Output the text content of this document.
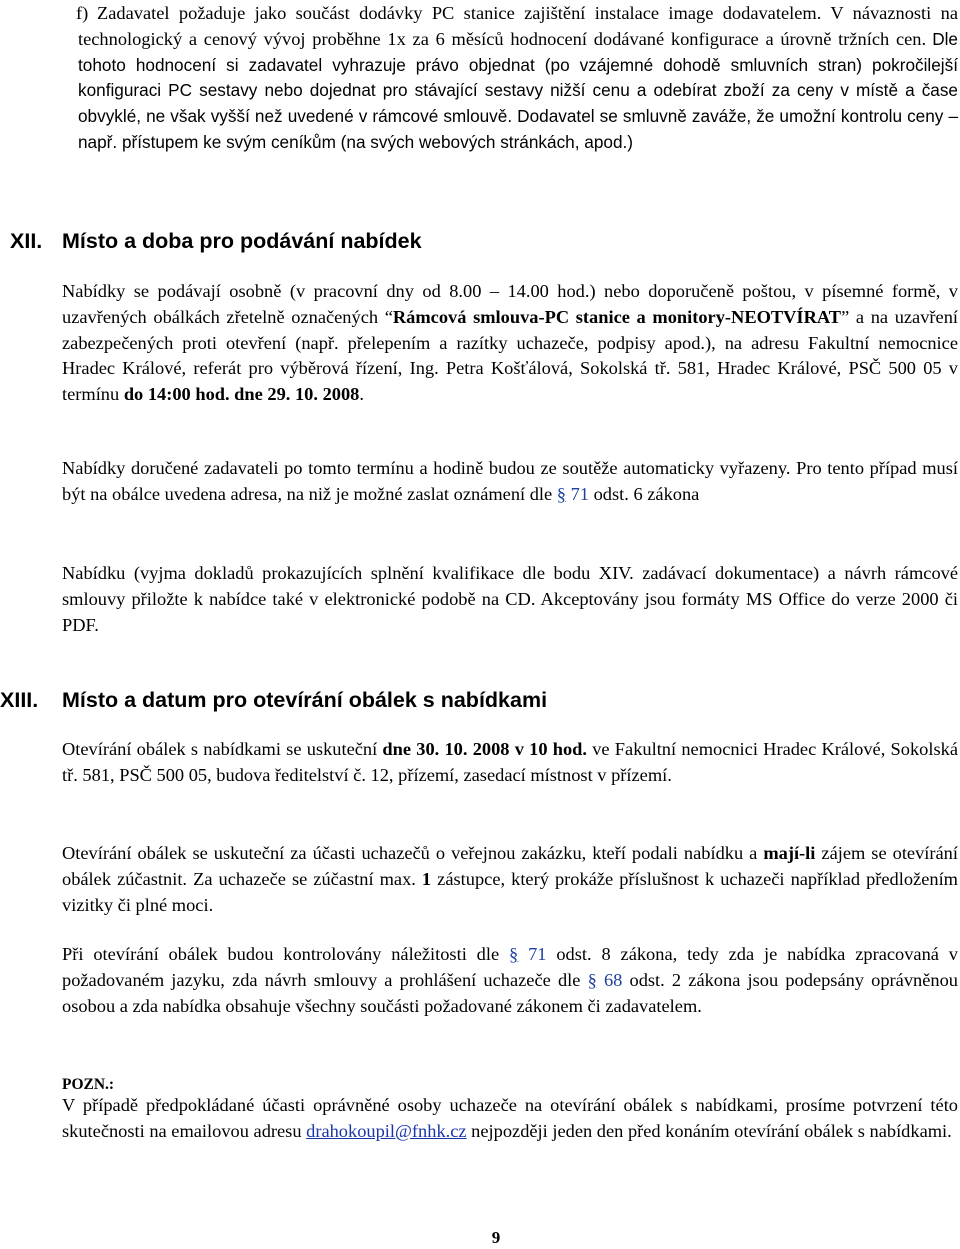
f) Zadavatel požaduje jako součást dodávky PC stanice zajištění instalace image dodavatelem. V návaznosti na technologický a cenový vývoj proběhne 1x za 6 měsíců hodnocení dodávané konfigurace a úrovně tržních cen. Dle tohoto hodnocení si zadavatel vyhrazuje právo objednat (po vzájemné dohodě smluvních stran) pokročilejší konfiguraci PC sestavy nebo dojednat pro stávající sestavy nižší cenu a odebírat zboží za ceny v místě a čase obvyklé, ne však vyšší než uvedené v rámcové smlouvě. Dodavatel se smluvně zaváže, že umožní kontrolu ceny – např. přístupem ke svým ceníkům (na svých webových stránkách, apod.)

XII. Místo a doba pro podávání nabídek

Nabídky se podávají osobně (v pracovní dny od 8.00 – 14.00 hod.) nebo doporučeně poštou, v písemné formě, v uzavřených obálkách zřetelně označených “Rámcová smlouva-PC stanice a monitory-NEOTVÍRAT” a na uzavření zabezpečených proti otevření (např. přelepením a razítky uchazeče, podpisy apod.), na adresu Fakultní nemocnice Hradec Králové, referát pro výběrová řízení, Ing. Petra Košťálová, Sokolská tř. 581, Hradec Králové, PSČ 500 05 v termínu do 14:00 hod. dne 29. 10. 2008.

Nabídky doručené zadavateli po tomto termínu a hodině budou ze soutěže automaticky vyřazeny. Pro tento případ musí být na obálce uvedena adresa, na niž je možné zaslat oznámení dle § 71 odst. 6 zákona

Nabídku (vyjma dokladů prokazujících splnění kvalifikace dle bodu XIV. zadávací dokumentace) a návrh rámcové smlouvy přiložte k nabídce také v elektronické podobě na CD. Akceptovány jsou formáty MS Office do verze 2000 či PDF.

XIII. Místo a datum pro otevírání obálek s nabídkami

Otevírání obálek s nabídkami se uskuteční dne 30. 10. 2008 v 10 hod. ve Fakultní nemocnici Hradec Králové, Sokolská tř. 581, PSČ 500 05, budova ředitelství č. 12, přízemí, zasedací místnost v přízemí.

Otevírání obálek se uskuteční za účasti uchazečů o veřejnou zakázku, kteří podali nabídku a mají-li zájem se otevírání obálek zúčastnit. Za uchazeče se zúčastní max. 1 zástupce, který prokáže příslušnost k uchazeči například předložením vizitky či plné moci.

Při otevírání obálek budou kontrolovány náležitosti dle § 71 odst. 8 zákona, tedy zda je nabídka zpracovaná v požadovaném jazyku, zda návrh smlouvy a prohlášení uchazeče dle § 68 odst. 2 zákona jsou podepsány oprávněnou osobou a zda nabídka obsahuje všechny součásti požadované zákonem či zadavatelem.

POZN.:

V případě předpokládané účasti oprávněné osoby uchazeče na otevírání obálek s nabídkami, prosíme potvrzení této skutečnosti na emailovou adresu drahokoupil@fnhk.cz nejpozději jeden den před konáním otevírání obálek s nabídkami.

9
